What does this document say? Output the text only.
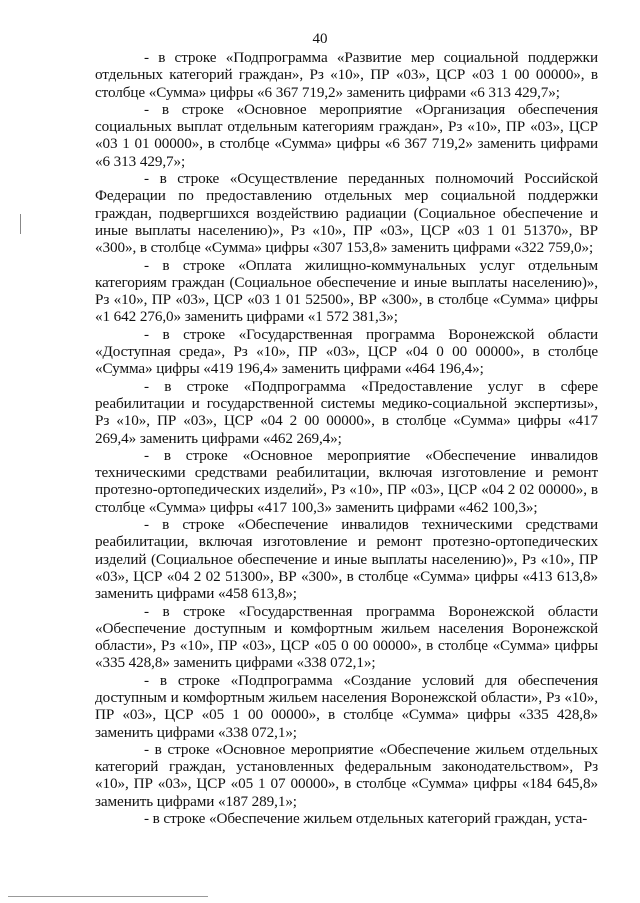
40

- в строке «Подпрограмма «Развитие мер социальной поддержки отдельных категорий граждан», Рз «10», ПР «03», ЦСР «03 1 00 00000», в столбце «Сумма» цифры «6 367 719,2» заменить цифрами «6 313 429,7»;

- в строке «Основное мероприятие «Организация обеспечения социальных выплат отдельным категориям граждан», Рз «10», ПР «03», ЦСР «03 1 01 00000», в столбце «Сумма» цифры «6 367 719,2» заменить цифрами «6 313 429,7»;

- в строке «Осуществление переданных полномочий Российской Федерации по предоставлению отдельных мер социальной поддержки граждан, подвергшихся воздействию радиации (Социальное обеспечение и иные выплаты населению)», Рз «10», ПР «03», ЦСР «03 1 01 51370», ВР «300», в столбце «Сумма» цифры «307 153,8» заменить цифрами «322 759,0»;

- в строке «Оплата жилищно-коммунальных услуг отдельным категориям граждан (Социальное обеспечение и иные выплаты населению)», Рз «10», ПР «03», ЦСР «03 1 01 52500», ВР «300», в столбце «Сумма» цифры «1 642 276,0» заменить цифрами «1 572 381,3»;

- в строке «Государственная программа Воронежской области «Доступная среда», Рз «10», ПР «03», ЦСР «04 0 00 00000», в столбце «Сумма» цифры «419 196,4» заменить цифрами «464 196,4»;

- в строке «Подпрограмма «Предоставление услуг в сфере реабилитации и государственной системы медико-социальной экспертизы», Рз «10», ПР «03», ЦСР «04 2 00 00000», в столбце «Сумма» цифры «417 269,4» заменить цифрами «462 269,4»;

- в строке «Основное мероприятие «Обеспечение инвалидов техническими средствами реабилитации, включая изготовление и ремонт протезно-ортопедических изделий», Рз «10», ПР «03», ЦСР «04 2 02 00000», в столбце «Сумма» цифры «417 100,3» заменить цифрами «462 100,3»;

- в строке «Обеспечение инвалидов техническими средствами реабилитации, включая изготовление и ремонт протезно-ортопедических изделий (Социальное обеспечение и иные выплаты населению)», Рз «10», ПР «03», ЦСР «04 2 02 51300», ВР «300», в столбце «Сумма» цифры «413 613,8» заменить цифрами «458 613,8»;

- в строке «Государственная программа Воронежской области «Обеспечение доступным и комфортным жильем населения Воронежской области», Рз «10», ПР «03», ЦСР «05 0 00 00000», в столбце «Сумма» цифры «335 428,8» заменить цифрами «338 072,1»;

- в строке «Подпрограмма «Создание условий для обеспечения доступным и комфортным жильем населения Воронежской области», Рз «10», ПР «03», ЦСР «05 1 00 00000», в столбце «Сумма» цифры «335 428,8» заменить цифрами «338 072,1»;

- в строке «Основное мероприятие «Обеспечение жильем отдельных категорий граждан, установленных федеральным законодательством», Рз «10», ПР «03», ЦСР «05 1 07 00000», в столбце «Сумма» цифры «184 645,8» заменить цифрами «187 289,1»;

- в строке «Обеспечение жильем отдельных категорий граждан, уста-
